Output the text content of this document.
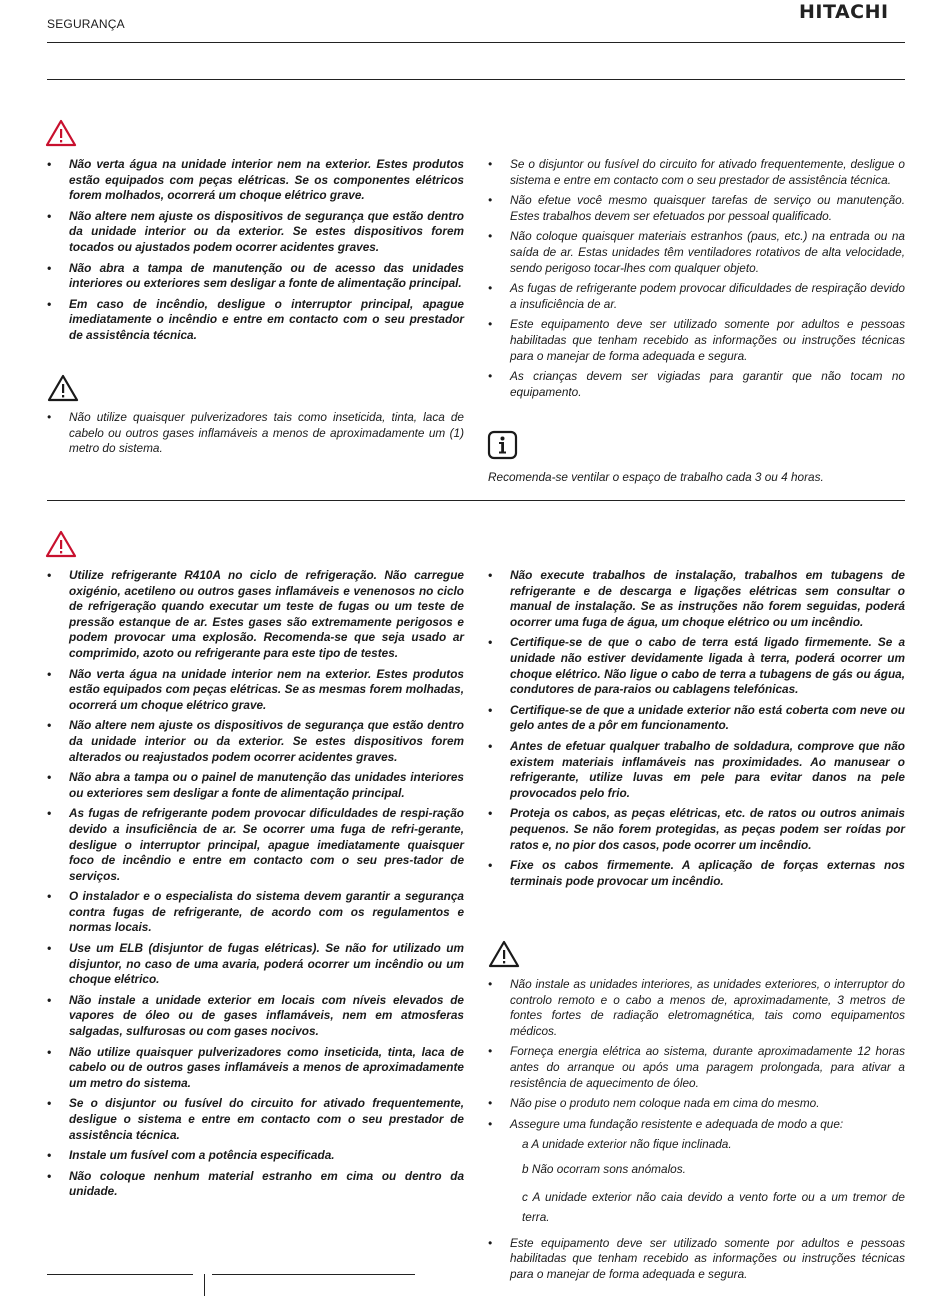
SEGURANÇA
HITACHI
• Não verta água na unidade interior nem na exterior. Estes produtos estão equipados com peças elétricas. Se os componentes elétricos forem molhados, ocorrerá um choque elétrico grave.
• Não altere nem ajuste os dispositivos de segurança que estão dentro da unidade interior ou da exterior. Se estes dispositivos forem tocados ou ajustados podem ocorrer acidentes graves.
• Não abra a tampa de manutenção ou de acesso das unidades interiores ou exteriores sem desligar a fonte de alimentação principal.
• Em caso de incêndio, desligue o interruptor principal, apague imediatamente o incêndio e entre em contacto com o seu prestador de assistência técnica.
• Não utilize quaisquer pulverizadores tais como inseticida, tinta, laca de cabelo ou outros gases inflamáveis a menos de aproximadamente um (1) metro do sistema.
• Se o disjuntor ou fusível do circuito for ativado frequentemente, desligue o sistema e entre em contacto com o seu prestador de assistência técnica.
• Não efetue você mesmo quaisquer tarefas de serviço ou manutenção. Estes trabalhos devem ser efetuados por pessoal qualificado.
• Não coloque quaisquer materiais estranhos (paus, etc.) na entrada ou na saída de ar. Estas unidades têm ventiladores rotativos de alta velocidade, sendo perigoso tocar-lhes com qualquer objeto.
• As fugas de refrigerante podem provocar dificuldades de respiração devido a insuficiência de ar.
• Este equipamento deve ser utilizado somente por adultos e pessoas habilitadas que tenham recebido as informações ou instruções técnicas para o manejar de forma adequada e segura.
• As crianças devem ser vigiadas para garantir que não tocam no equipamento.
Recomenda-se ventilar o espaço de trabalho cada 3 ou 4 horas.
• Utilize refrigerante R410A no ciclo de refrigeração. Não carregue oxigénio, acetileno ou outros gases inflamáveis e venenosos no ciclo de refrigeração quando executar um teste de fugas ou um teste de pressão estanque de ar. Estes gases são extremamente perigosos e podem provocar uma explosão. Recomenda-se que seja usado ar comprimido, azoto ou refrigerante para este tipo de testes.
• Não verta água na unidade interior nem na exterior. Estes produtos estão equipados com peças elétricas. Se as mesmas forem molhadas, ocorrerá um choque elétrico grave.
• Não altere nem ajuste os dispositivos de segurança que estão dentro da unidade interior ou da exterior. Se estes dispositivos forem alterados ou reajustados podem ocorrer acidentes graves.
• Não abra a tampa ou o painel de manutenção das unidades interiores ou exteriores sem desligar a fonte de alimentação principal.
• As fugas de refrigerante podem provocar dificuldades de respi-ração devido a insuficiência de ar. Se ocorrer uma fuga de refri-gerante, desligue o interruptor principal, apague imediatamente quaisquer foco de incêndio e entre em contacto com o seu pres-tador de serviços.
• O instalador e o especialista do sistema devem garantir a segurança contra fugas de refrigerante, de acordo com os regulamentos e normas locais.
• Use um ELB (disjuntor de fugas elétricas). Se não for utilizado um disjuntor, no caso de uma avaria, poderá ocorrer um incêndio ou um choque elétrico.
• Não instale a unidade exterior em locais com níveis elevados de vapores de óleo ou de gases inflamáveis, nem em atmosferas salgadas, sulfurosas ou com gases nocivos.
• Não utilize quaisquer pulverizadores como inseticida, tinta, laca de cabelo ou de outros gases inflamáveis a menos de aproximadamente um metro do sistema.
• Se o disjuntor ou fusível do circuito for ativado frequentemente, desligue o sistema e entre em contacto com o seu prestador de assistência técnica.
• Instale um fusível com a potência especificada.
• Não coloque nenhum material estranho em cima ou dentro da unidade.
• Não execute trabalhos de instalação, trabalhos em tubagens de refrigerante e de descarga e ligações elétricas sem consultar o manual de instalação. Se as instruções não forem seguidas, poderá ocorrer uma fuga de água, um choque elétrico ou um incêndio.
• Certifique-se de que o cabo de terra está ligado firmemente. Se a unidade não estiver devidamente ligada à terra, poderá ocorrer um choque elétrico. Não ligue o cabo de terra a tubagens de gás ou água, condutores de para-raios ou cablagens telefónicas.
• Certifique-se de que a unidade exterior não está coberta com neve ou gelo antes de a pôr em funcionamento.
• Antes de efetuar qualquer trabalho de soldadura, comprove que não existem materiais inflamáveis nas proximidades. Ao manusear o refrigerante, utilize luvas em pele para evitar danos na pele provocados pelo frio.
• Proteja os cabos, as peças elétricas, etc. de ratos ou outros animais pequenos. Se não forem protegidas, as peças podem ser roídas por ratos e, no pior dos casos, pode ocorrer um incêndio.
• Fixe os cabos firmemente. A aplicação de forças externas nos terminais pode provocar um incêndio.
• Não instale as unidades interiores, as unidades exteriores, o interruptor do controlo remoto e o cabo a menos de, aproximadamente, 3 metros de fontes fortes de radiação eletromagnética, tais como equipamentos médicos.
• Forneça energia elétrica ao sistema, durante aproximadamente 12 horas antes do arranque ou após uma paragem prolongada, para ativar a resistência de aquecimento de óleo.
• Não pise o produto nem coloque nada em cima do mesmo.
• Assegure uma fundação resistente e adequada de modo a que:
a A unidade exterior não fique inclinada.
b Não ocorram sons anómalos.
c A unidade exterior não caia devido a vento forte ou a um tremor de terra.
• Este equipamento deve ser utilizado somente por adultos e pessoas habilitadas que tenham recebido as informações ou instruções técnicas para o manejar de forma adequada e segura.
